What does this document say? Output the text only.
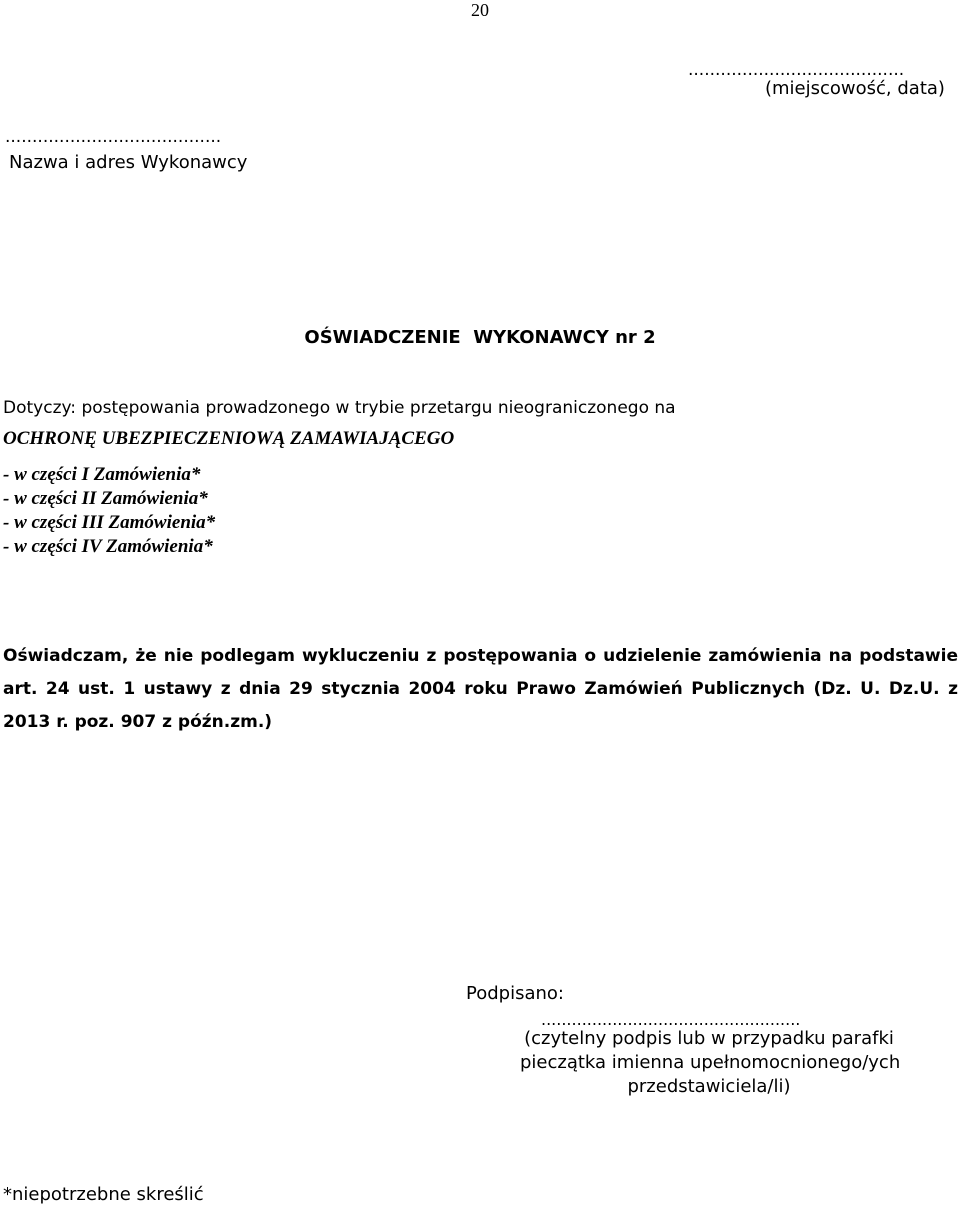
20
........................................
(miejscowość, data)
........................................
Nazwa i adres Wykonawcy
OŚWIADCZENIE  WYKONAWCY nr 2
Dotyczy: postępowania prowadzonego w trybie przetargu nieograniczonego na
OCHRONĘ UBEZPIECZENIOWĄ ZAMAWIAJĄCEGO
- w części I Zamówienia*
- w części II Zamówienia*
- w części III Zamówienia*
- w części IV Zamówienia*

Oświadczam, że nie podlegam wykluczeniu z postępowania o udzielenie zamówienia na podstawie art. 24 ust. 1 ustawy z dnia 29 stycznia 2004 roku Prawo Zamówień Publicznych (Dz. U. Dz.U. z 2013 r. poz. 907 z późn.zm.)

Podpisano:
...................................................
(czytelny podpis lub w przypadku parafki
pieczątka imienna upełnomocnionego/ych
przedstawiciela/li)
*niepotrzebne skreślić
